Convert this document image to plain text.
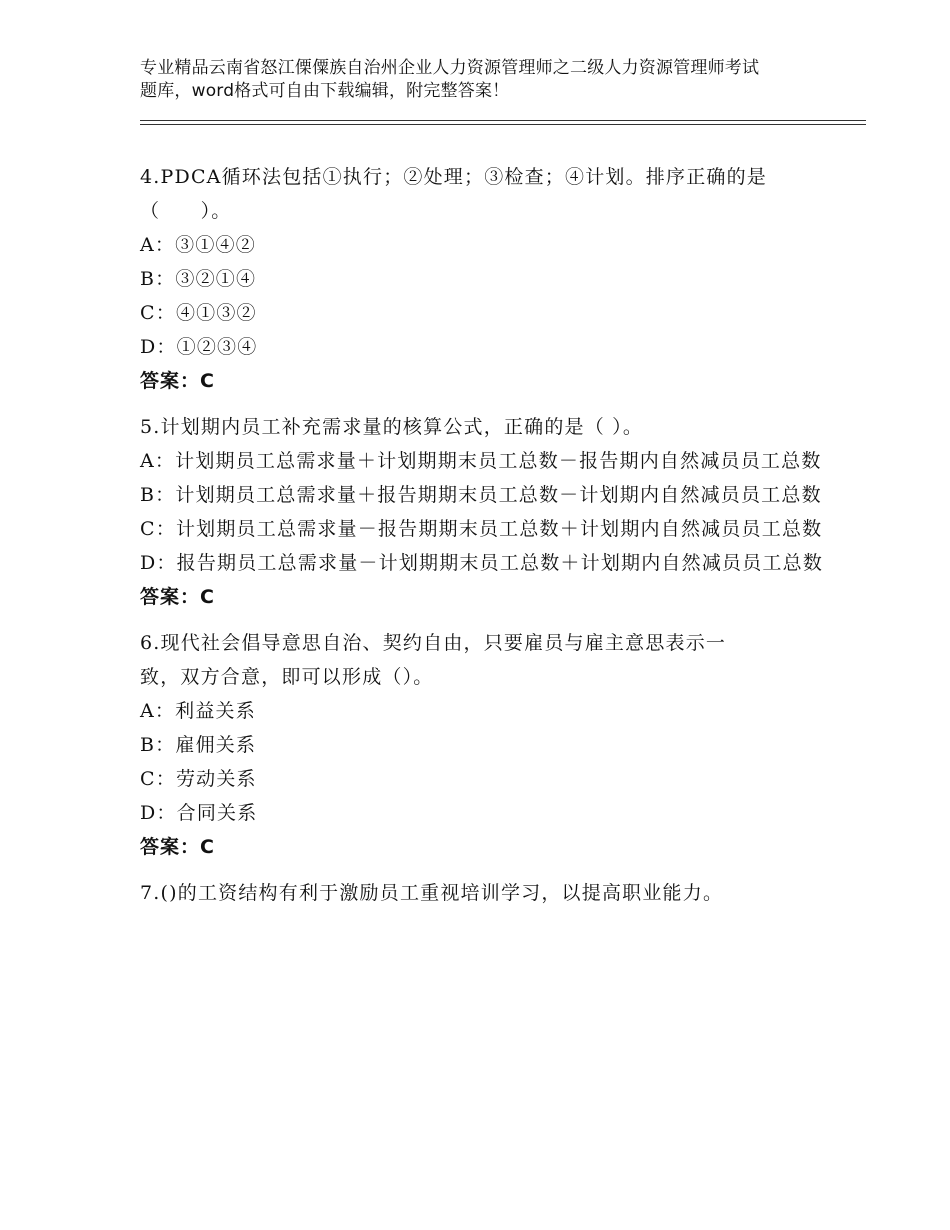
专业精品云南省怒江傈僳族自治州企业人力资源管理师之二级人力资源管理师考试
题库，word格式可自由下载编辑，附完整答案！
4.PDCA循环法包括①执行；②处理；③检查；④计划。排序正确的是
（　　）。
A：③①④②
B：③②①④
C：④①③②
D：①②③④
答案：C
5.计划期内员工补充需求量的核算公式，正确的是（ ）。
A：计划期员工总需求量＋计划期期末员工总数－报告期内自然减员员工总数
B：计划期员工总需求量＋报告期期末员工总数－计划期内自然减员员工总数
C：计划期员工总需求量－报告期期末员工总数＋计划期内自然减员员工总数
D：报告期员工总需求量－计划期期末员工总数＋计划期内自然减员员工总数
答案：C
6.现代社会倡导意思自治、契约自由，只要雇员与雇主意思表示一
致，双方合意，即可以形成（）。
A：利益关系
B：雇佣关系
C：劳动关系
D：合同关系
答案：C
7.()的工资结构有利于激励员工重视培训学习，以提高职业能力。
